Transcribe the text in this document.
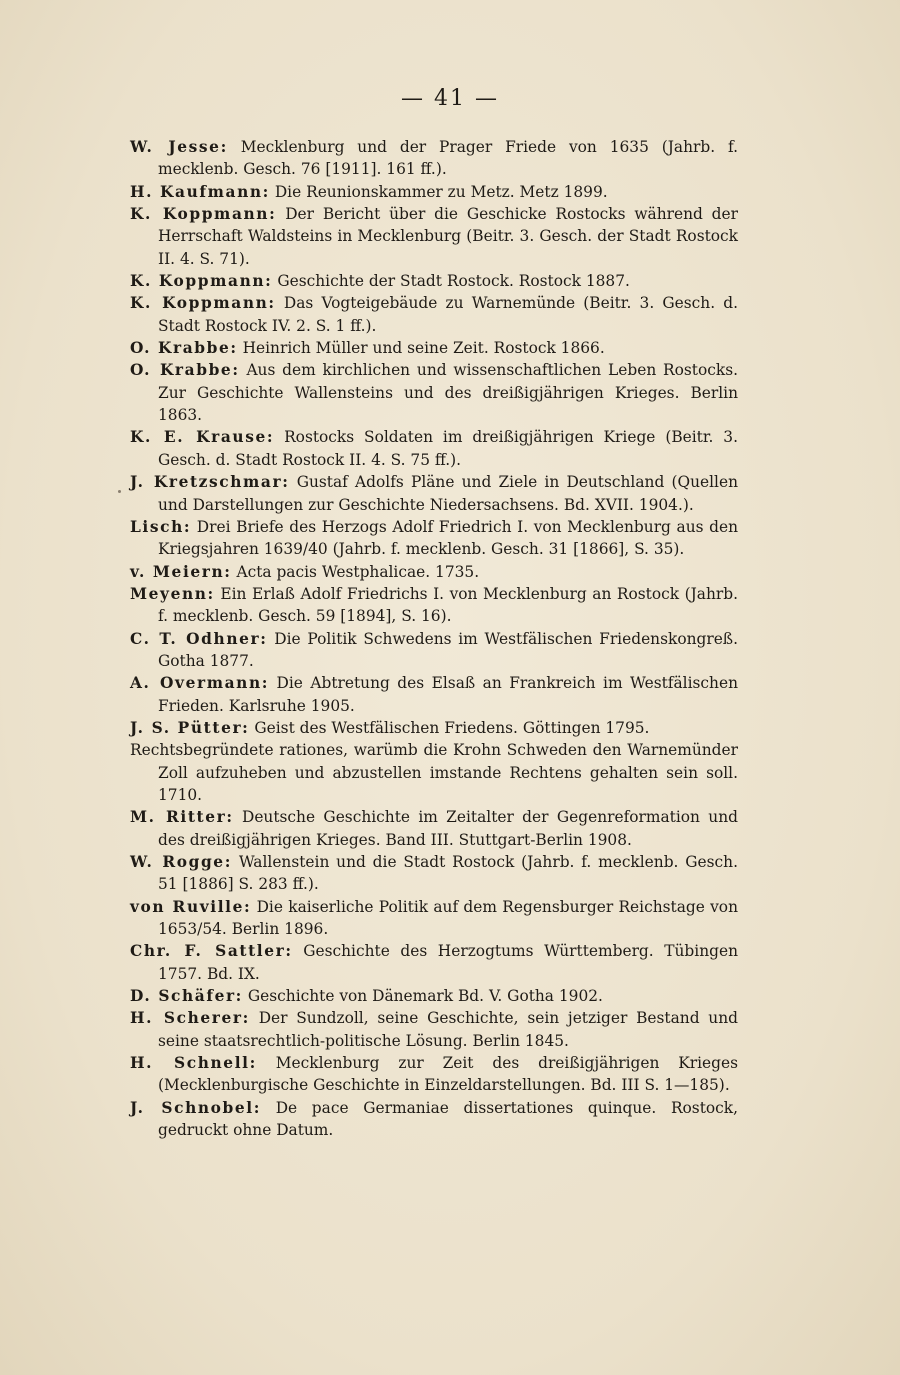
— 41 —

W. Jesse: Mecklenburg und der Prager Friede von 1635 (Jahrb. f. mecklenb. Gesch. 76 [1911]. 161 ff.).

H. Kaufmann: Die Reunionskammer zu Metz. Metz 1899.

K. Koppmann: Der Bericht über die Geschicke Rostocks während der Herrschaft Waldsteins in Mecklenburg (Beitr. 3. Gesch. der Stadt Rostock II. 4. S. 71).

K. Koppmann: Geschichte der Stadt Rostock. Rostock 1887.

K. Koppmann: Das Vogteigebäude zu Warnemünde (Beitr. 3. Gesch. d. Stadt Rostock IV. 2. S. 1 ff.).

O. Krabbe: Heinrich Müller und seine Zeit. Rostock 1866.

O. Krabbe: Aus dem kirchlichen und wissenschaftlichen Leben Rostocks. Zur Geschichte Wallensteins und des dreißigjährigen Krieges. Berlin 1863.

K. E. Krause: Rostocks Soldaten im dreißigjährigen Kriege (Beitr. 3. Gesch. d. Stadt Rostock II. 4. S. 75 ff.).

J. Kretzschmar: Gustaf Adolfs Pläne und Ziele in Deutschland (Quellen und Darstellungen zur Geschichte Niedersachsens. Bd. XVII. 1904.).

Lisch: Drei Briefe des Herzogs Adolf Friedrich I. von Mecklenburg aus den Kriegsjahren 1639/40 (Jahrb. f. mecklenb. Gesch. 31 [1866], S. 35).

v. Meiern: Acta pacis Westphalicae. 1735.

Meyenn: Ein Erlaß Adolf Friedrichs I. von Mecklenburg an Rostock (Jahrb. f. mecklenb. Gesch. 59 [1894], S. 16).

C. T. Odhner: Die Politik Schwedens im Westfälischen Friedenskongreß. Gotha 1877.

A. Overmann: Die Abtretung des Elsaß an Frankreich im Westfälischen Frieden. Karlsruhe 1905.

J. S. Pütter: Geist des Westfälischen Friedens. Göttingen 1795.

Rechtsbegründete rationes, warümb die Krohn Schweden den Warnemünder Zoll aufzuheben und abzustellen imstande Rechtens gehalten sein soll. 1710.

M. Ritter: Deutsche Geschichte im Zeitalter der Gegenreformation und des dreißigjährigen Krieges. Band III. Stuttgart-Berlin 1908.

W. Rogge: Wallenstein und die Stadt Rostock (Jahrb. f. mecklenb. Gesch. 51 [1886] S. 283 ff.).

von Ruville: Die kaiserliche Politik auf dem Regensburger Reichstage von 1653/54. Berlin 1896.

Chr. F. Sattler: Geschichte des Herzogtums Württemberg. Tübingen 1757. Bd. IX.

D. Schäfer: Geschichte von Dänemark Bd. V. Gotha 1902.

H. Scherer: Der Sundzoll, seine Geschichte, sein jetziger Bestand und seine staatsrechtlich-politische Lösung. Berlin 1845.

H. Schnell: Mecklenburg zur Zeit des dreißigjährigen Krieges (Mecklenburgische Geschichte in Einzeldarstellungen. Bd. III S. 1—185).

J. Schnobel: De pace Germaniae dissertationes quinque. Rostock, gedruckt ohne Datum.
